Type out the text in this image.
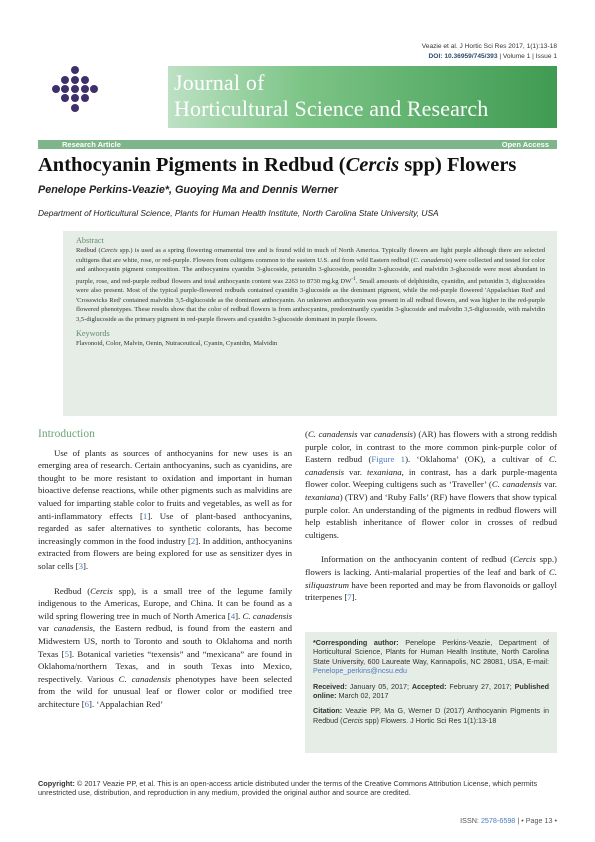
Veazie et al. J Hortic Sci Res 2017, 1(1):13-18
DOI: 10.36959/745/393 | Volume 1 | Issue 1
Journal of
Horticultural Science and Research
Research Article	Open Access
Anthocyanin Pigments in Redbud (Cercis spp) Flowers
Penelope Perkins-Veazie*, Guoying Ma and Dennis Werner
Department of Horticultural Science, Plants for Human Health Institute, North Carolina State University, USA
Abstract

Redbud (Cercis spp.) is used as a spring flowering ornamental tree and is found wild in much of North America. Typically flowers are light purple although there are selected cultigens that are white, rose, or red-purple. Flowers from cultigens common to the eastern U.S. and from wild Eastern redbud (C. canadensis) were collected and tested for color and anthocyanin pigment composition. The anthocyanins cyanidin 3-glucoside, petunidin 3-glucoside, peonidin 3-glucoside, and malvidin 3-glucoside were most abundant in purple, rose, and red-purple redbud flowers and total anthocyanin content was 2263 to 8730 mg.kg $DW^{-1}$. Small amounts of delphinidin, cyanidin, and petunidin 3, diglucosides were also present. Most of the typical purple-flowered redbuds contained cyanidin 3-glucoside as the dominant pigment, while the red-purple flowered 'Appalachian Red' and 'Crosswicks Red' contained malvidin 3,5-diglucoside as the dominant anthocyanin. An unknown anthocyanin was present in all redbud flowers, and was higher in the red-purple flowered phenotypes. These results show that the color of redbud flowers is from anthocyanins, predominantly cyanidin 3-glucoside and malvidin 3,5-diglucoside, with malvidin 3,5-diglucoside as the primary pigment in red-purple flowers and cyanidin 3-glucoside dominant in purple flowers.

Keywords

Flavonoid, Color, Malvin, Oenin, Nutraceutical, Cyanin, Cyanidin, Malvidin

Introduction

Use of plants as sources of anthocyanins for new uses is an emerging area of research. Certain anthocyanins, such as cyanidins, are thought to be more resistant to oxidation and important in human bioactive defense reactions, while other pigments such as malvidins are valued for imparting stable color to fruits and vegetables, as well as for anti-inflammatory effects [1]. Use of plant-based anthocyanins, regarded as safer alternatives to synthetic colorants, has become increasingly common in the food industry [2]. In addition, anthocyanins extracted from flowers are being explored for use as sensitizer dyes in solar cells [3].

Redbud (Cercis spp), is a small tree of the legume family indigenous to the Americas, Europe, and China. It can be found as a wild spring flowering tree in much of North America [4]. C. canadensis var canadensis, the Eastern redbud, is found from the eastern and Midwestern US, north to Toronto and south to Oklahoma and north Texas [5]. Botanical varieties “texensis” and “mexicana” are found in Oklahoma/northern Texas, and in south Texas into Mexico, respectively. Various C. canadensis phenotypes have been selected from the wild for unusual leaf or flower color or modified tree architecture [6]. ‘Appalachian Red’

(C. canadensis var canadensis) (AR) has flowers with a strong reddish purple color, in contrast to the more common pink-purple color of Eastern redbud (Figure 1). ‘Oklahoma’ (OK), a cultivar of C. canadensis var. texaniana, in contrast, has a dark purple-magenta flower color. Weeping cultigens such as ‘Traveller’ (C. canadensis var. texaniana) (TRV) and ‘Ruby Falls’ (RF) have flowers that show typical purple color. An understanding of the pigments in redbud flowers will help establish inheritance of flower color in crosses of redbud cultigens.

Information on the anthocyanin content of redbud (Cercis spp.) flowers is lacking. Anti-malarial properties of the leaf and bark of C. siliquastrum have been reported and may be from flavonoids or galloyl triterpenes [7].

*Corresponding author: Penelope Perkins-Veazie, Department of Horticultural Science, Plants for Human Health Institute, North Carolina State University, 600 Laureate Way, Kannapolis, NC 28081, USA, E-mail: Penelope_perkins@ncsu.edu
Received: January 05, 2017; Accepted: February 27, 2017; Published online: March 02, 2017
Citation: Veazie PP, Ma G, Werner D (2017) Anthocyanin Pigments in Redbud (Cercis spp) Flowers. J Hortic Sci Res 1(1):13-18
Copyright: © 2017 Veazie PP, et al. This is an open-access article distributed under the terms of the Creative Commons Attribution License, which permits unrestricted use, distribution, and reproduction in any medium, provided the original author and source are credited.
ISSN: 2578-6598 | • Page 13 •
